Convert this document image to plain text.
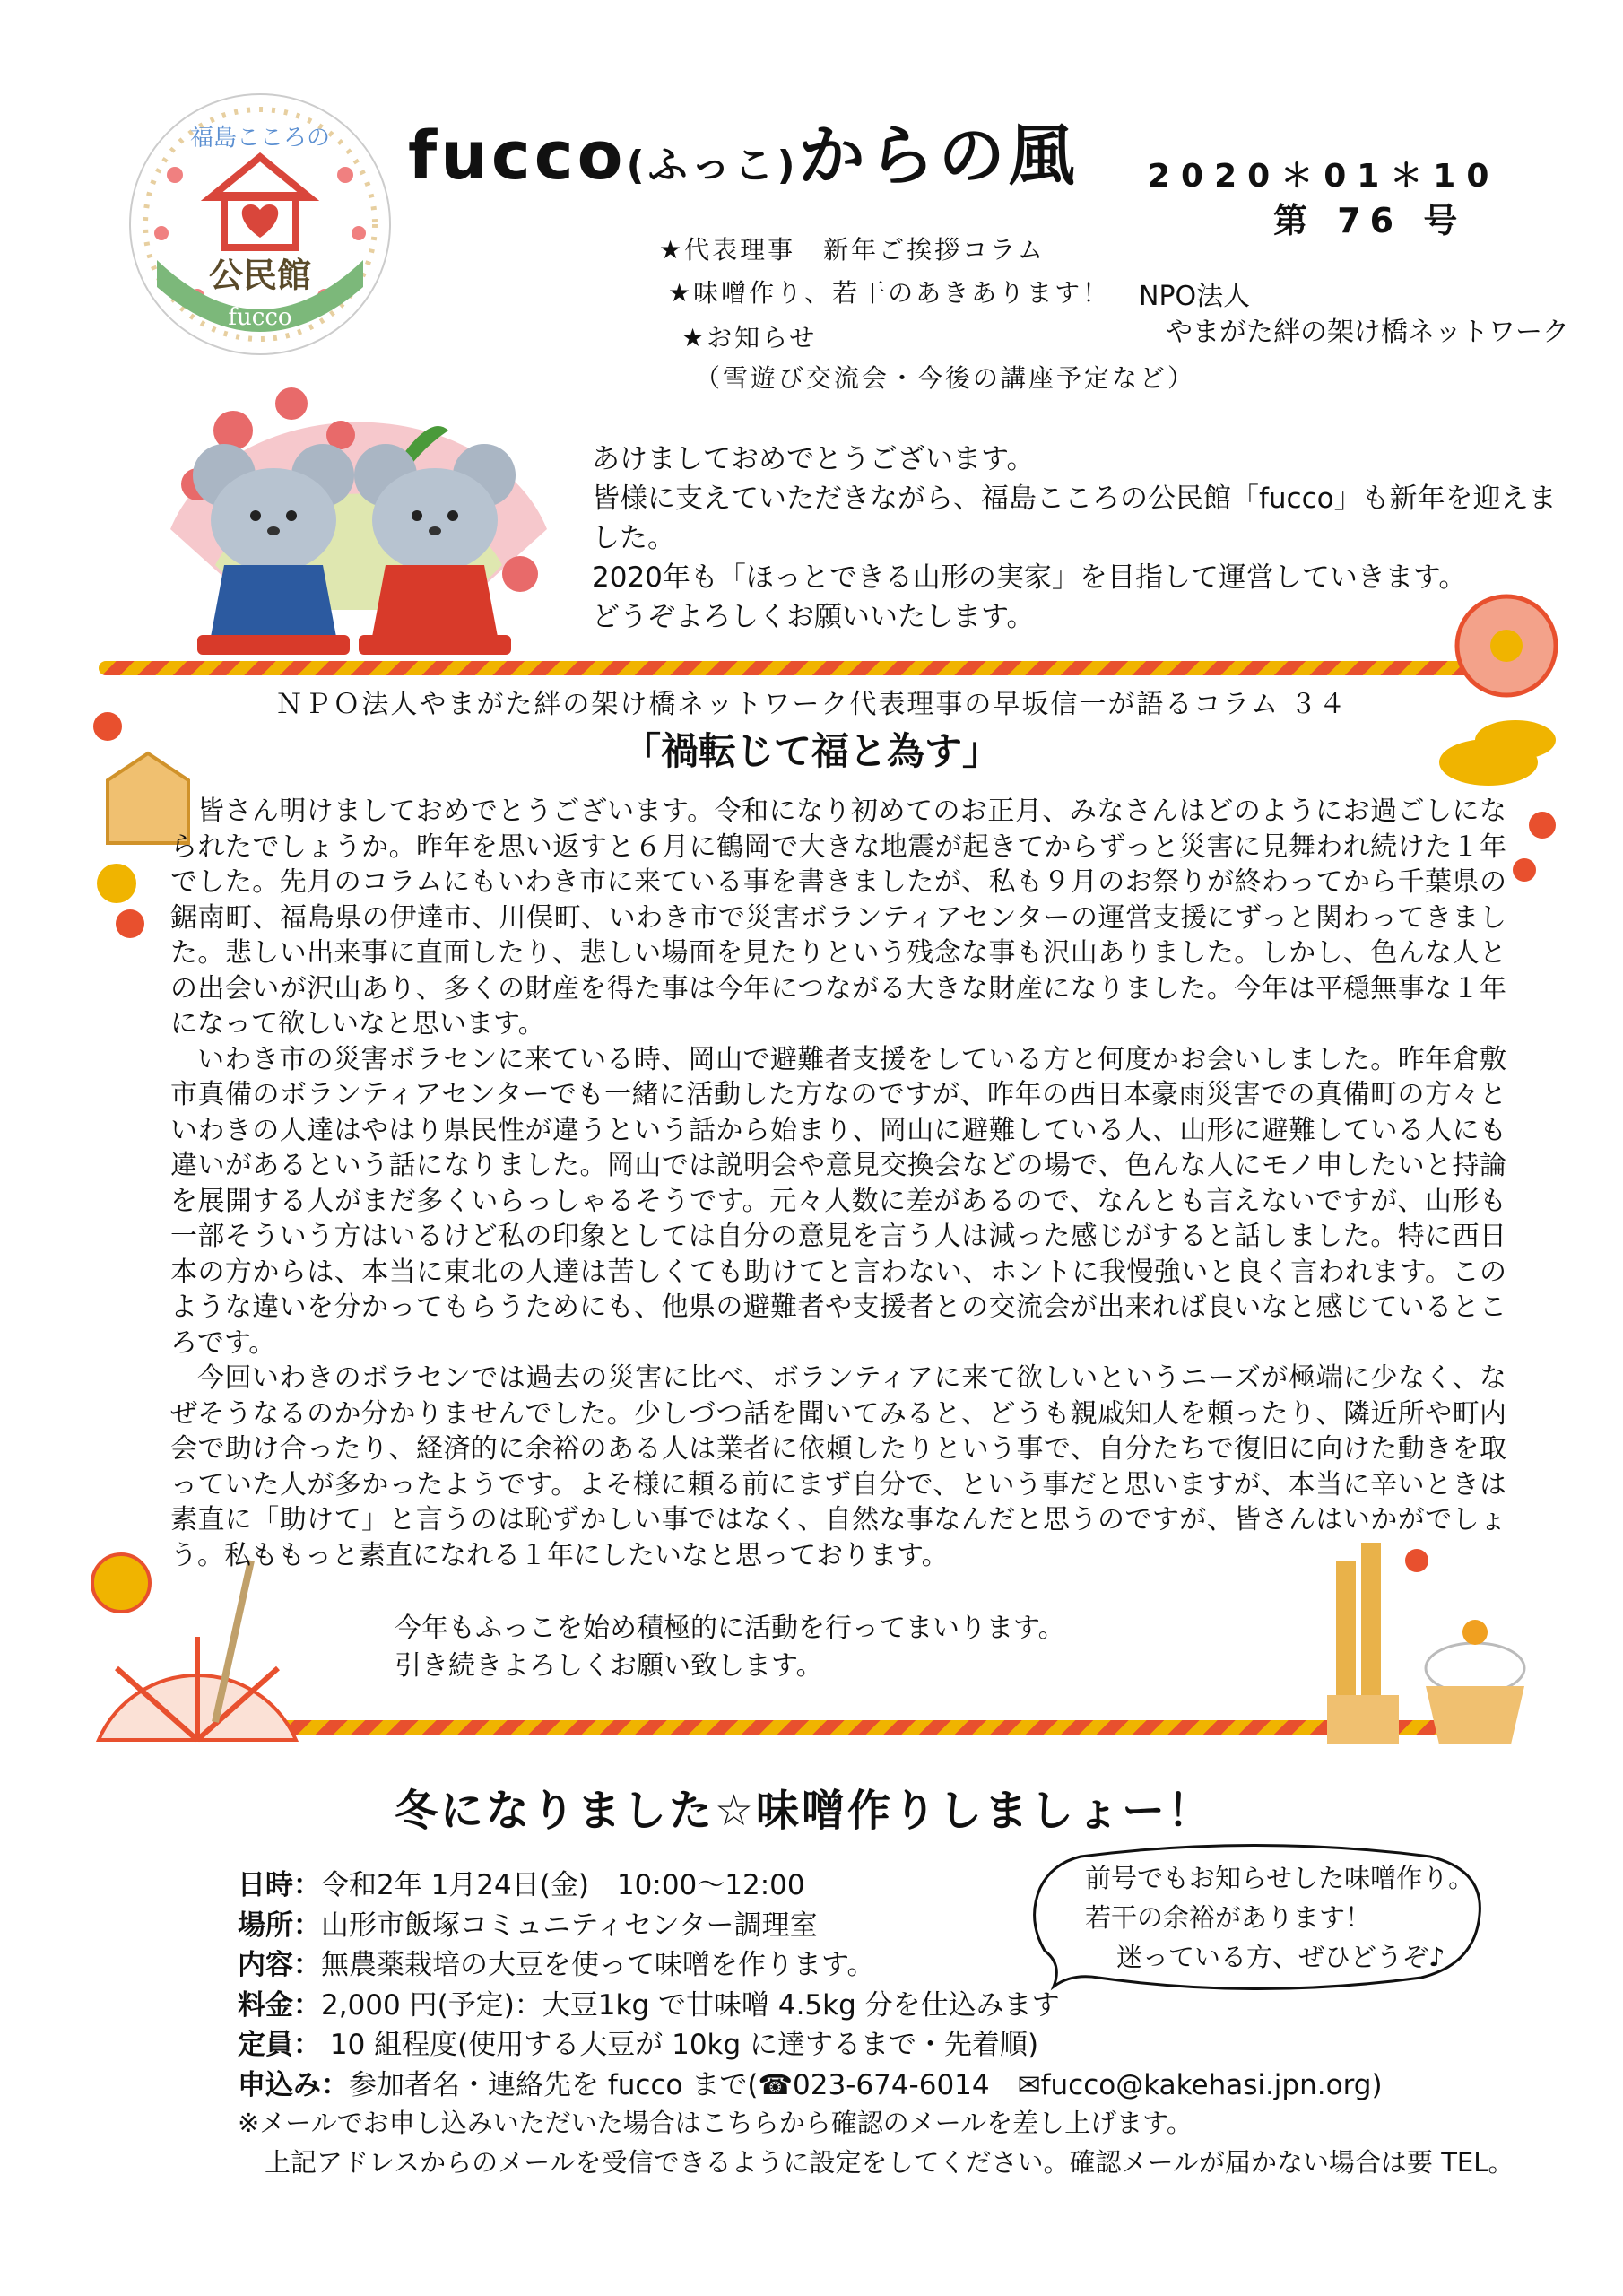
福島こころの
公民館
fucco
fucco(ふっこ)からの風 2020＊01＊10
第 76 号
★代表理事　新年ご挨拶コラム
★味噌作り、若干のあきあります！
★お知らせ
（雪遊び交流会・今後の講座予定など）
NPO法人
やまがた絆の架け橋ネットワーク

あけましておめでとうございます。

皆様に支えていただきながら、福島こころの公民館「fucco」も新年を迎えました。

2020年も「ほっとできる山形の実家」を目指して運営していきます。

どうぞよろしくお願いいたします。

ＮＰＯ法人やまがた絆の架け橋ネットワーク代表理事の早坂信一が語るコラム ３４
「禍転じて福と為す」

皆さん明けましておめでとうございます。令和になり初めてのお正月、みなさんはどのようにお過ごしになられたでしょうか。昨年を思い返すと６月に鶴岡で大きな地震が起きてからずっと災害に見舞われ続けた１年でした。先月のコラムにもいわき市に来ている事を書きましたが、私も９月のお祭りが終わってから千葉県の鋸南町、福島県の伊達市、川俣町、いわき市で災害ボランティアセンターの運営支援にずっと関わってきました。悲しい出来事に直面したり、悲しい場面を見たりという残念な事も沢山ありました。しかし、色んな人との出会いが沢山あり、多くの財産を得た事は今年につながる大きな財産になりました。今年は平穏無事な１年になって欲しいなと思います。

いわき市の災害ボラセンに来ている時、岡山で避難者支援をしている方と何度かお会いしました。昨年倉敷市真備のボランティアセンターでも一緒に活動した方なのですが、昨年の西日本豪雨災害での真備町の方々といわきの人達はやはり県民性が違うという話から始まり、岡山に避難している人、山形に避難している人にも違いがあるという話になりました。岡山では説明会や意見交換会などの場で、色んな人にモノ申したいと持論を展開する人がまだ多くいらっしゃるそうです。元々人数に差があるので、なんとも言えないですが、山形も一部そういう方はいるけど私の印象としては自分の意見を言う人は減った感じがすると話しました。特に西日本の方からは、本当に東北の人達は苦しくても助けてと言わない、ホントに我慢強いと良く言われます。このような違いを分かってもらうためにも、他県の避難者や支援者との交流会が出来れば良いなと感じているところです。

今回いわきのボラセンでは過去の災害に比べ、ボランティアに来て欲しいというニーズが極端に少なく、なぜそうなるのか分かりませんでした。少しづつ話を聞いてみると、どうも親戚知人を頼ったり、隣近所や町内会で助け合ったり、経済的に余裕のある人は業者に依頼したりという事で、自分たちで復旧に向けた動きを取っていた人が多かったようです。よそ様に頼る前にまず自分で、という事だと思いますが、本当に辛いときは素直に「助けて」と言うのは恥ずかしい事ではなく、自然な事なんだと思うのですが、皆さんはいかがでしょう。私ももっと素直になれる１年にしたいなと思っております。

今年もふっこを始め積極的に活動を行ってまいります。

引き続きよろしくお願い致します。

冬になりました☆味噌作りしましょー！
前号でもお知らせした味噌作り。
若干の余裕があります！
迷っている方、ぜひどうぞ♪
日時：令和2年 1月24日(金)　10:00～12:00
場所：山形市飯塚コミュニティセンター調理室
内容：無農薬栽培の大豆を使って味噌を作ります。
料金：2,000 円(予定)：大豆1kg で甘味噌 4.5kg 分を仕込みます
定員： 10 組程度(使用する大豆が 10kg に達するまで・先着順)
申込み：参加者名・連絡先を fucco まで(☎023-674-6014　✉fucco@kakehasi.jpn.org)
※メールでお申し込みいただいた場合はこちらから確認のメールを差し上げます。
上記アドレスからのメールを受信できるように設定をしてください。確認メールが届かない場合は要 TEL。
